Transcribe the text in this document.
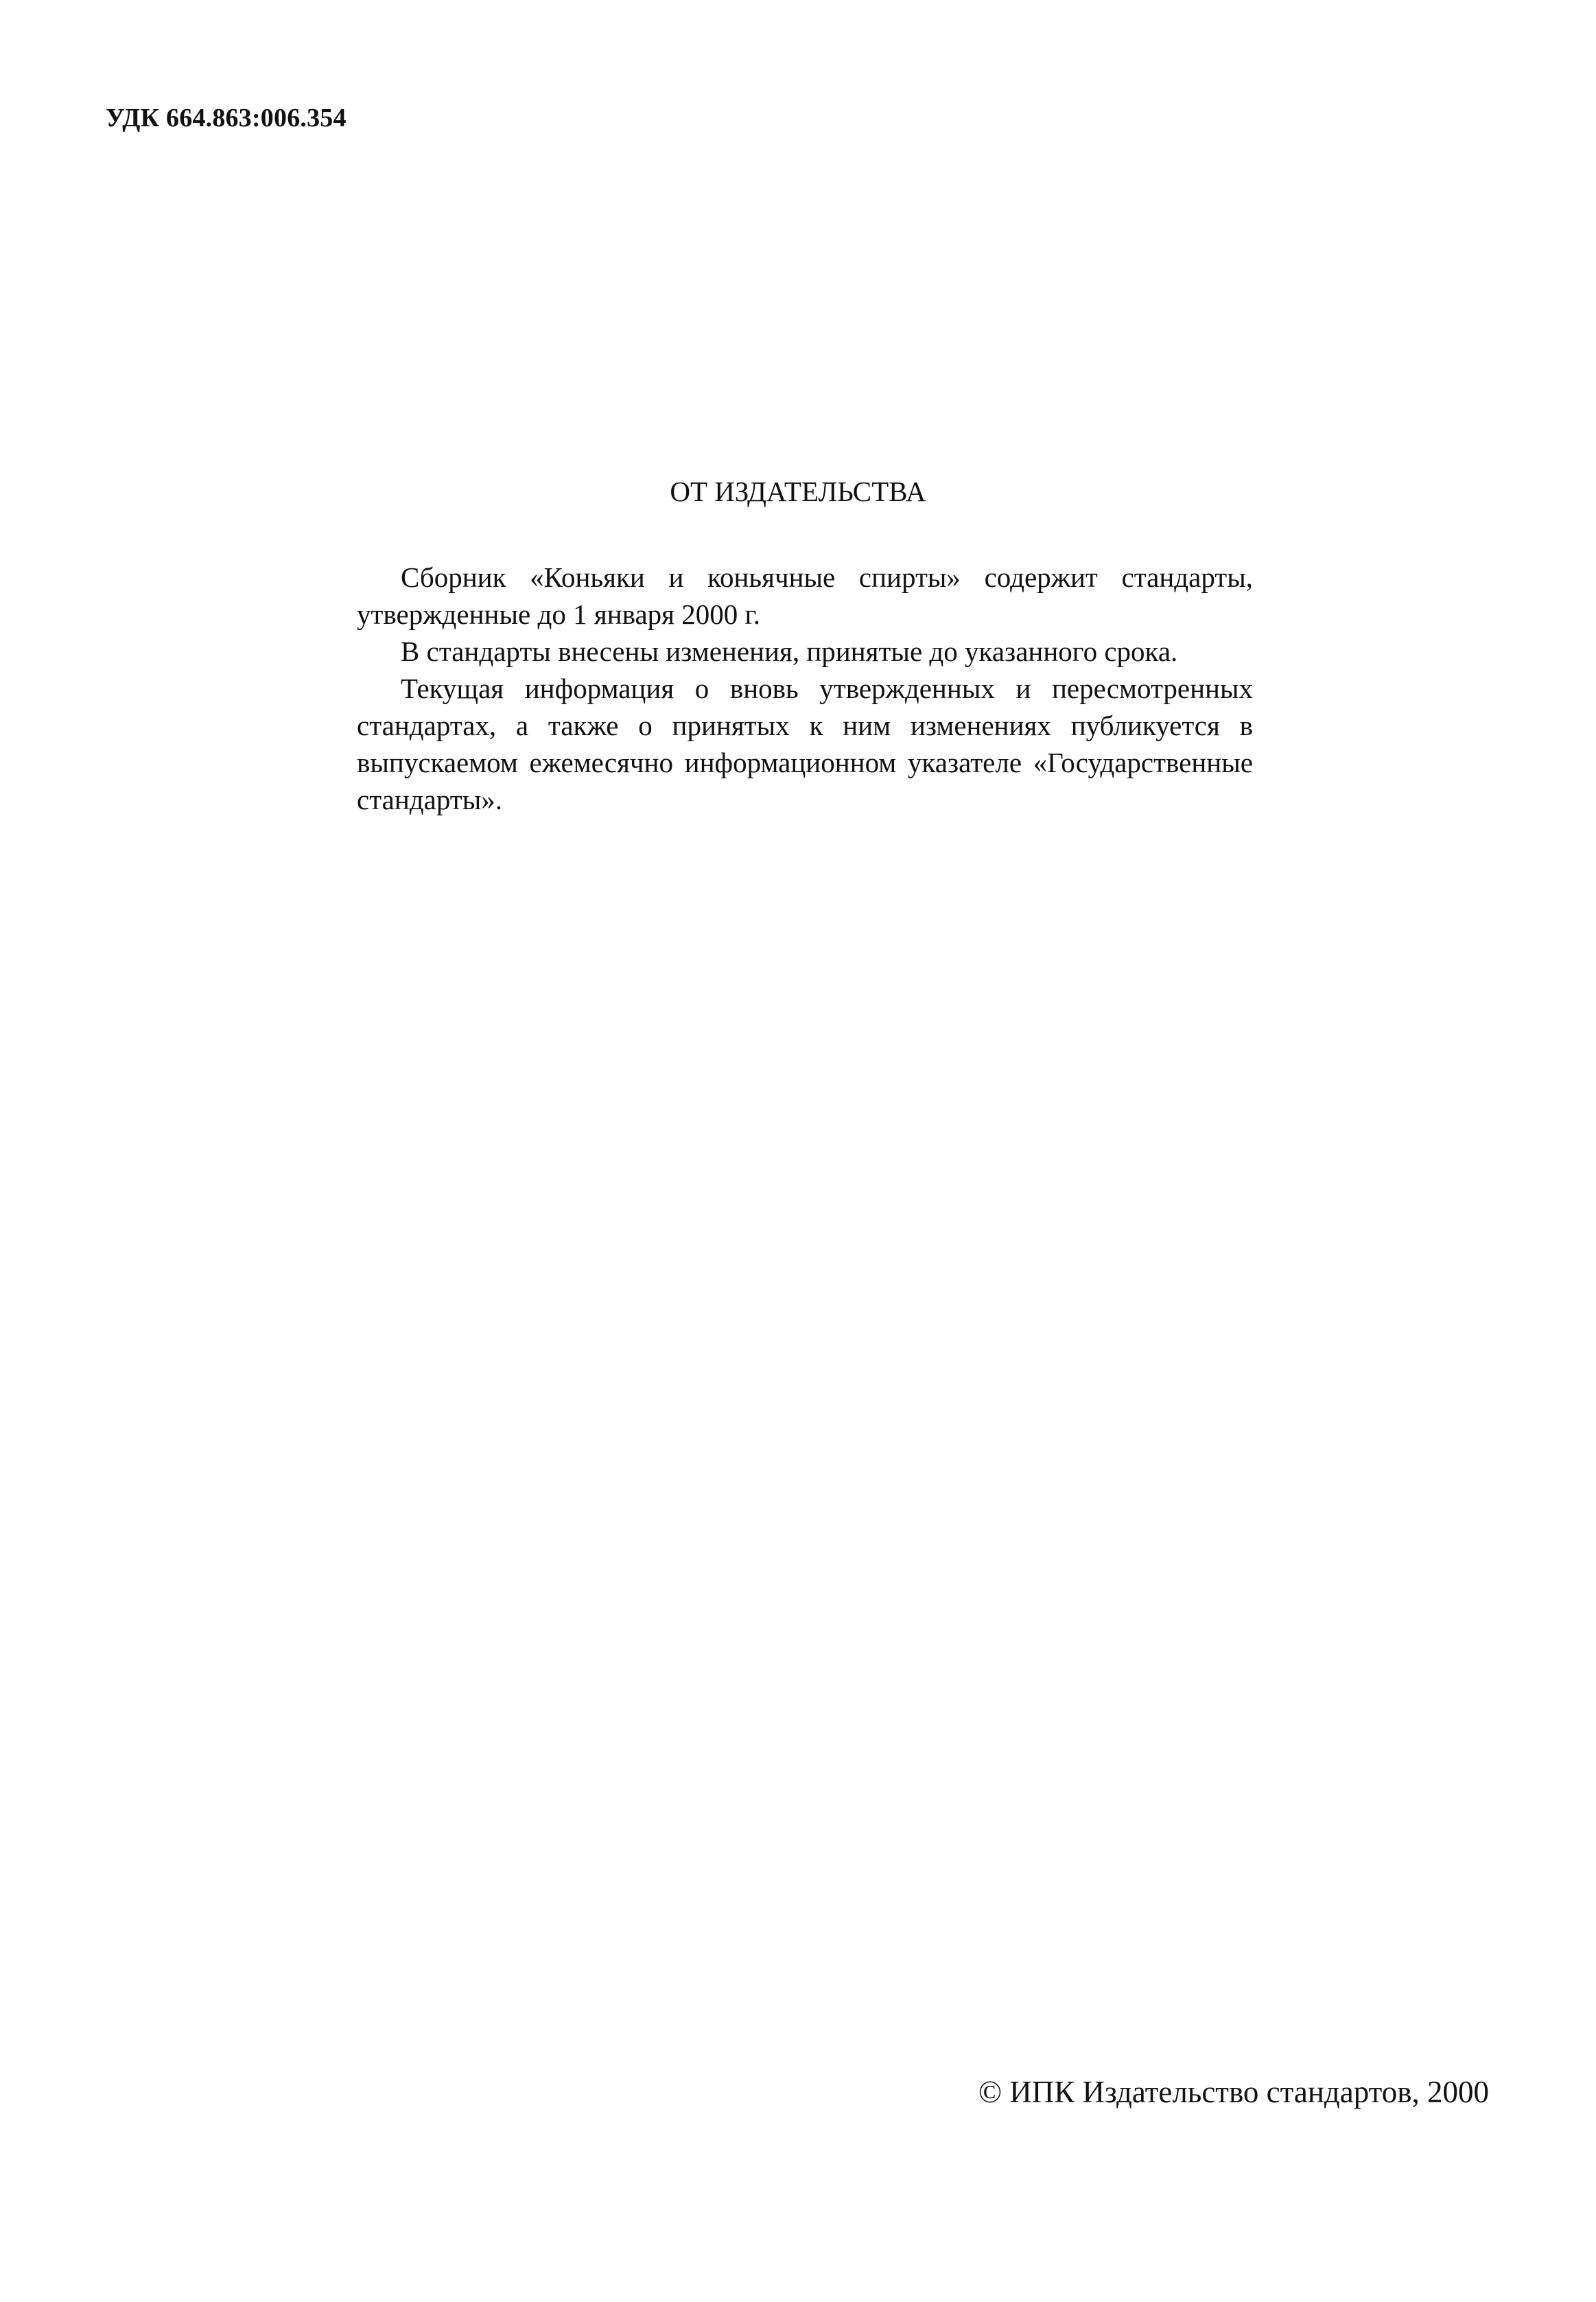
УДК 664.863:006.354
ОТ ИЗДАТЕЛЬСТВА

Сборник «Коньяки и коньячные спирты» содержит стандарты, утвержденные до 1 января 2000 г.

В стандарты внесены изменения, принятые до указанного срока.

Текущая информация о вновь утвержденных и пересмотренных стандартах, а также о принятых к ним изменениях публикуется в выпускаемом ежемесячно информационном указателе «Государственные стандарты».

© ИПК Издательство стандартов, 2000
